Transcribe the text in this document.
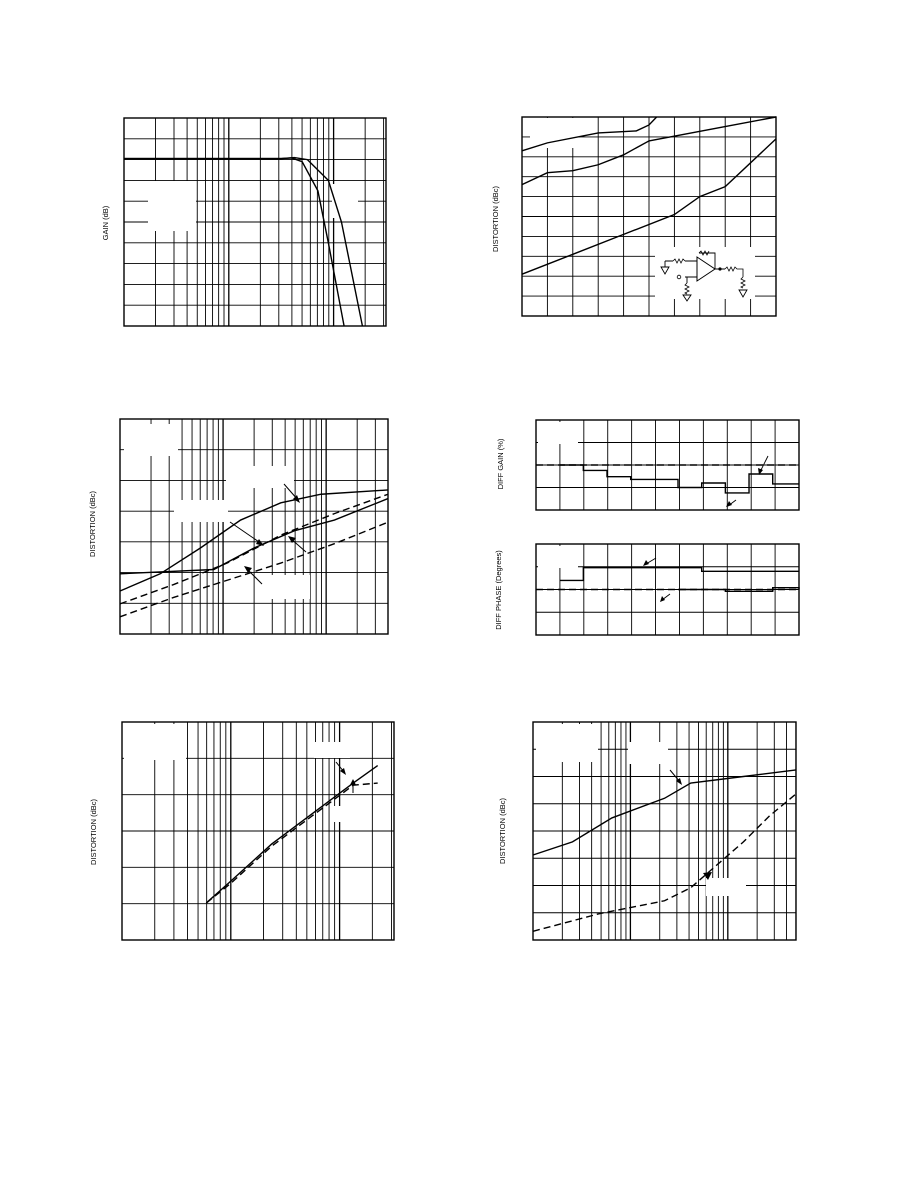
GAIN (dB)	DISTORTION (dBc)
DISTORTION (dBc)
DIFF GAIN (%)
DIFF PHASE (Degrees)
DISTORTION (dBc)	DISTORTION (dBc)
